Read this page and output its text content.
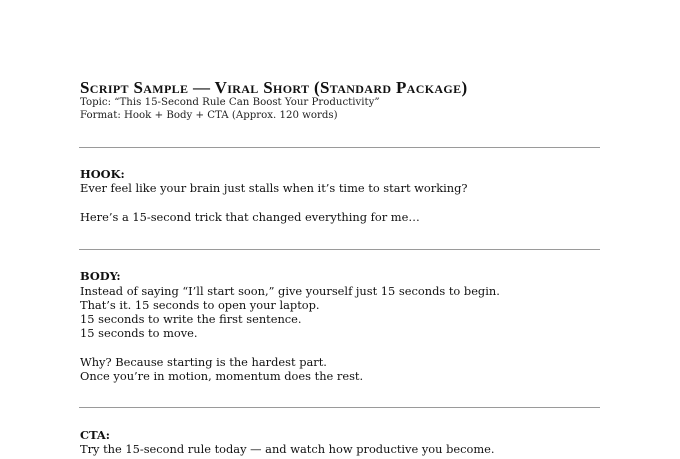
Script Sample — Viral Short (Standard Package)
Topic: “This 15-Second Rule Can Boost Your Productivity”
Format: Hook + Body + CTA (Approx. 120 words)
HOOK:
Ever feel like your brain just stalls when it’s time to start working?
Here’s a 15-second trick that changed everything for me…
BODY:
Instead of saying “I’ll start soon,” give yourself just 15 seconds to begin.
That’s it. 15 seconds to open your laptop.
15 seconds to write the first sentence.
15 seconds to move.
Why? Because starting is the hardest part.
Once you’re in motion, momentum does the rest.
CTA:
Try the 15-second rule today — and watch how productive you become.
